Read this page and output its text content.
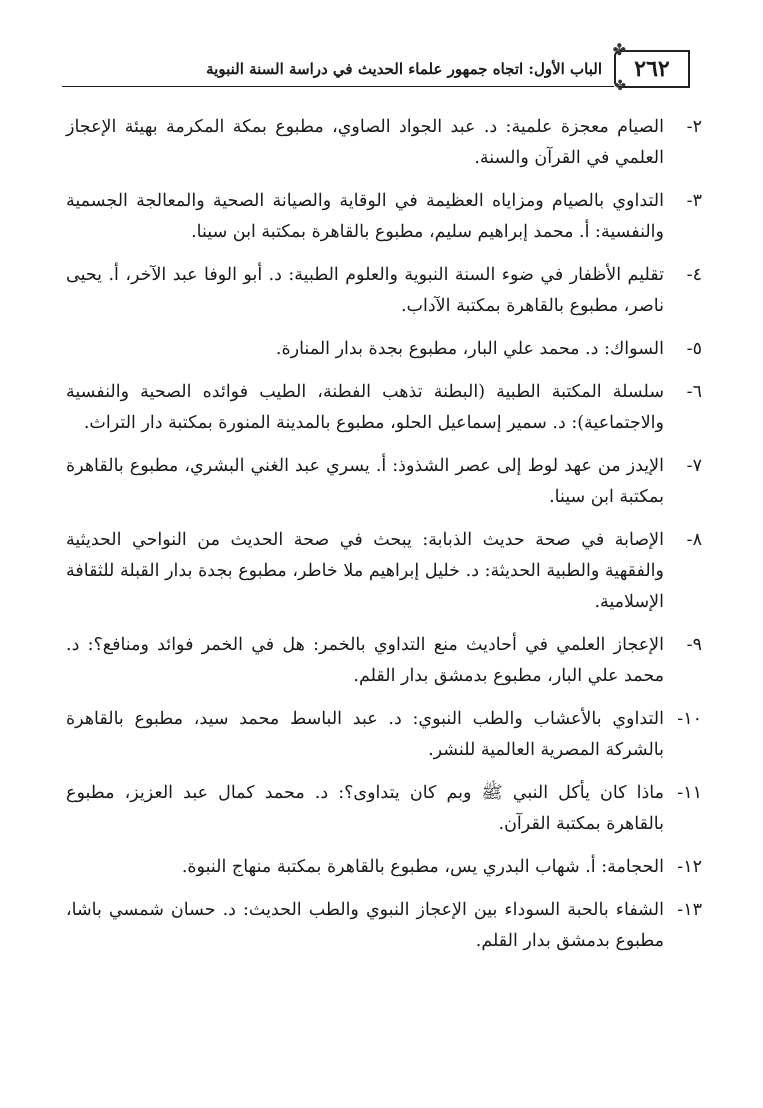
٢٦٢
✤
✤
الباب الأول: اتجاه جمهور علماء الحديث في دراسة السنة النبوية
٢-
الصيام معجزة علمية: د. عبد الجواد الصاوي، مطبوع بمكة المكرمة بهيئة الإعجاز العلمي في القرآن والسنة.
٣-
التداوي بالصيام ومزاياه العظيمة في الوقاية والصيانة الصحية والمعالجة الجسمية والنفسية: أ. محمد إبراهيم سليم، مطبوع بالقاهرة بمكتبة ابن سينا.
٤-
تقليم الأظفار في ضوء السنة النبوية والعلوم الطبية: د. أبو الوفا عبد الآخر، أ. يحيى ناصر، مطبوع بالقاهرة بمكتبة الآداب.
٥-
السواك: د. محمد علي البار، مطبوع بجدة بدار المنارة.
٦-
سلسلة المكتبة الطبية (البطنة تذهب الفطنة، الطيب فوائده الصحية والنفسية والاجتماعية): د. سمير إسماعيل الحلو، مطبوع بالمدينة المنورة بمكتبة دار التراث.
٧-
الإيدز من عهد لوط إلى عصر الشذوذ: أ. يسري عبد الغني البشري، مطبوع بالقاهرة بمكتبة ابن سينا.
٨-
الإصابة في صحة حديث الذبابة: يبحث في صحة الحديث من النواحي الحديثية والفقهية والطبية الحديثة: د. خليل إبراهيم ملا خاطر، مطبوع بجدة بدار القبلة للثقافة الإسلامية.
٩-
الإعجاز العلمي في أحاديث منع التداوي بالخمر: هل في الخمر فوائد ومنافع؟: د. محمد علي البار، مطبوع بدمشق بدار القلم.
١٠-
التداوي بالأعشاب والطب النبوي: د. عبد الباسط محمد سيد، مطبوع بالقاهرة بالشركة المصرية العالمية للنشر.
١١-
ماذا كان يأكل النبي ﷺ وبم كان يتداوى؟: د. محمد كمال عبد العزيز، مطبوع بالقاهرة بمكتبة القرآن.
١٢-
الحجامة: أ. شهاب البدري يس، مطبوع بالقاهرة بمكتبة منهاج النبوة.
١٣-
الشفاء بالحبة السوداء بين الإعجاز النبوي والطب الحديث: د. حسان شمسي باشا، مطبوع بدمشق بدار القلم.
